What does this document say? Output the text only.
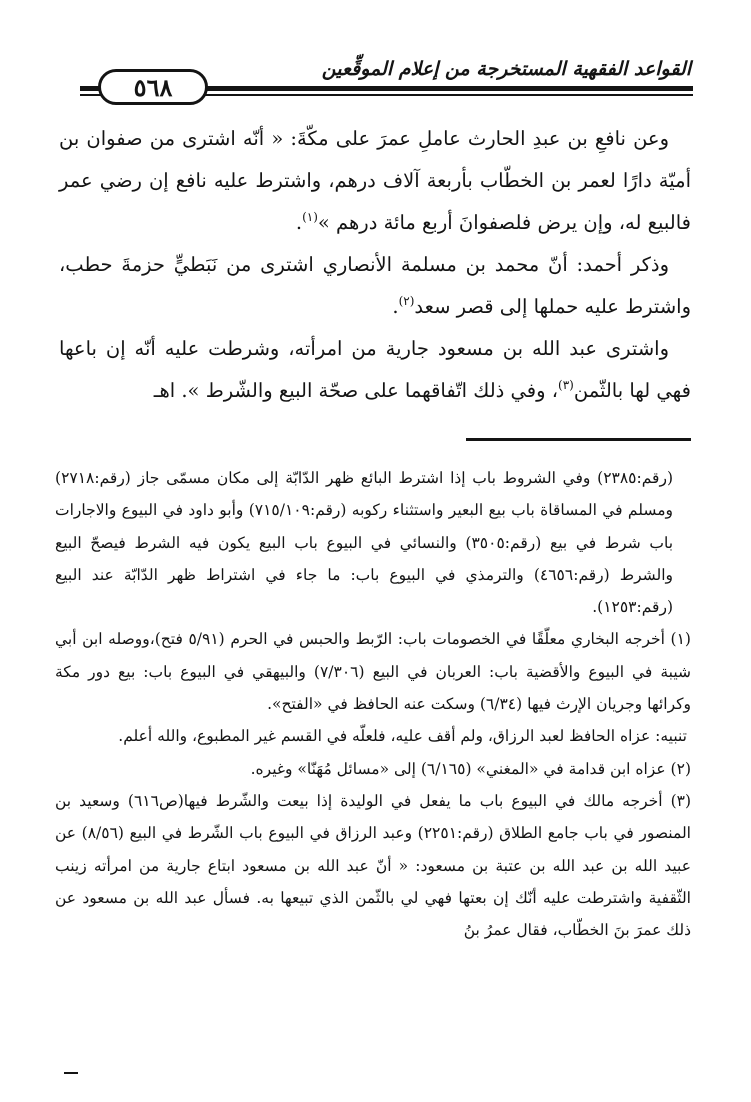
القواعد الفقهية المستخرجة من إعلام الموقِّعين
٥٦٨

وعن نافعِ بن عبدِ الحارث عاملِ عمرَ على مكّةَ: « أنّه اشترى من صفوان بن أميّة دارًا لعمر بن الخطّاب بأربعة آلاف درهم، واشترط عليه نافع إن رضي عمر فالبيع له، وإن يرض فلصفوانَ أربع مائة درهم »$^{(١)}$.

وذكر أحمد: أنّ محمد بن مسلمة الأنصاري اشترى من نَبَطيٍّ حزمةَ حطب، واشترط عليه حملها إلى قصر سعد$^{(٢)}$.

واشترى عبد الله بن مسعود جارية من امرأته، وشرطت عليه أنّه إن باعها فهي لها بالثّمن$^{(٣)}$، وفي ذلك اتّفاقهما على صحّة البيع والشّرط ». اهـ

(رقم:٢٣٨٥) وفي الشروط باب إذا اشترط البائع ظهر الدّابّة إلى مكان مسمّى جاز (رقم:٢٧١٨) ومسلم في المساقاة باب بيع البعير واستثناء ركوبه (رقم:٧١٥/١٠٩) وأبو داود في البيوع والاجارات باب شرط في بيع (رقم:٣٥٠٥) والنسائي في البيوع باب البيع يكون فيه الشرط فيصحّ البيع والشرط (رقم:٤٦٥٦) والترمذي في البيوع باب: ما جاء في اشتراط ظهر الدّابّة عند البيع (رقم:١٢٥٣).

(١) أخرجه البخاري معلّقًا في الخصومات باب: الرّبط والحبس في الحرم (٥/٩١ فتح)،ووصله ابن أبي شيبة في البيوع والأقضية باب: العربان في البيع (٧/٣٠٦) والبيهقي في البيوع باب: بيع دور مكة وكرائها وجريان الإرث فيها (٦/٣٤) وسكت عنه الحافظ في «الفتح».

تنبيه: عزاه الحافظ لعبد الرزاق، ولم أقف عليه، فلعلّه في القسم غير المطبوع، والله أعلم.

(٢) عزاه ابن قدامة في «المغني» (٦/١٦٥) إلى «مسائل مُهَنّا» وغيره.

(٣) أخرجه مالك في البيوع باب ما يفعل في الوليدة إذا بيعت والشّرط فيها(ص٦١٦) وسعيد بن المنصور في باب جامع الطلاق (رقم:٢٢٥١) وعبد الرزاق في البيوع باب الشّرط في البيع (٨/٥٦) عن عبيد الله بن عبد الله بن عتبة بن مسعود: « أنّ عبد الله بن مسعود ابتاع جارية من امرأته زينب الثّقفية واشترطت عليه أنّك إن بعتها فهي لي بالثّمن الذي تبيعها به. فسأل عبد الله بن مسعود عن ذلك عمرَ بنَ الخطّاب، فقال عمرُ بنُ
